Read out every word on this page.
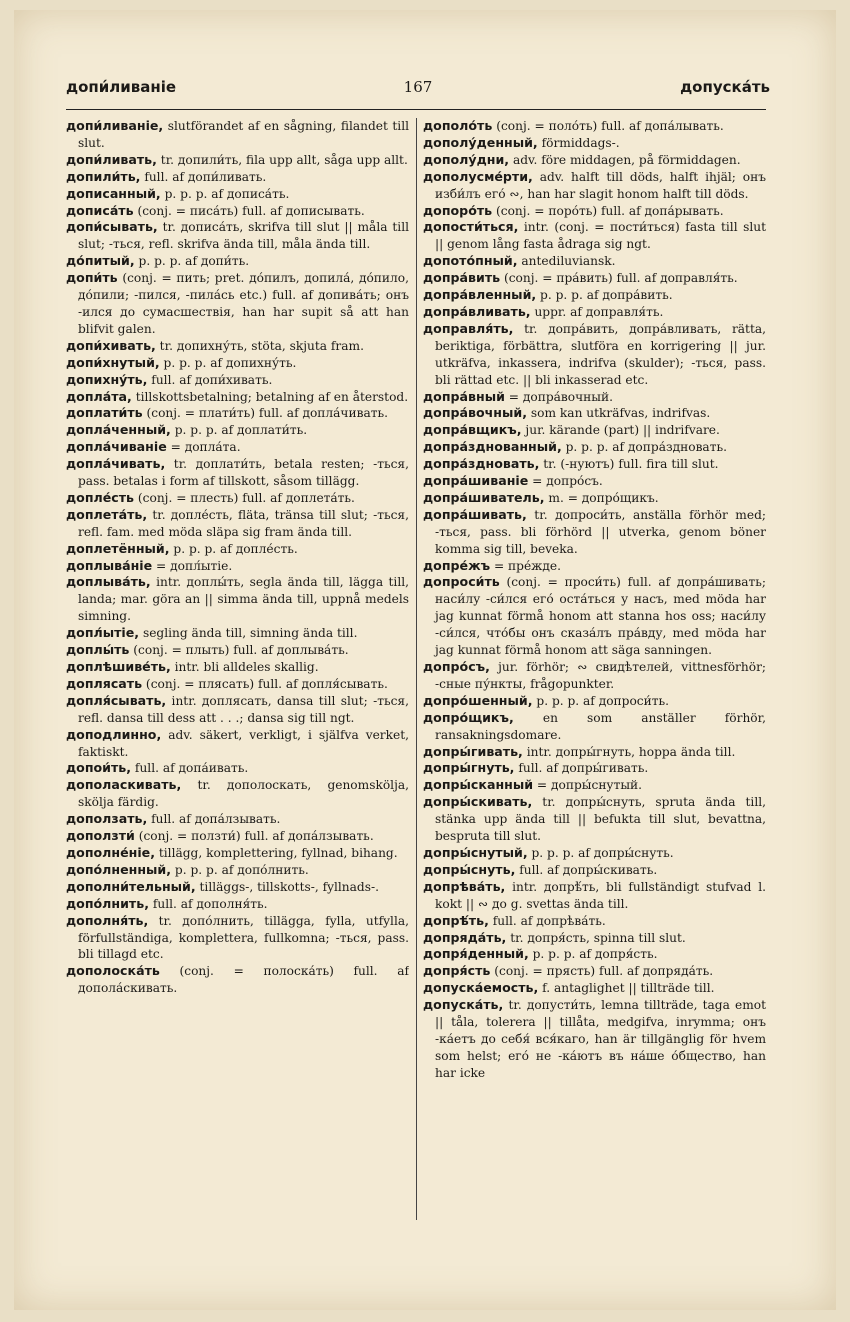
допи́ливаніе	167	допуска́ть

допи́ливаніе, slutförandet af en sågning, filandet till slut.

допи́ливать, tr. допили́ть, fila upp allt, såga upp allt.

допили́ть, full. af допи́ливать.

дописанный, p. p. p. af дописа́ть.

дописа́ть (conj. = писа́ть) full. af дописывать.

допи́сывать, tr. дописа́ть, skrifva till slut || måla till slut; -ться, refl. skrifva ända till, måla ända till.

до́питый, p. p. p. af допи́ть.

допи́ть (conj. = пить; pret. до́пилъ, допила́, до́пило, до́пили; -пился, -пила́сь etc.) full. af допива́ть; онъ -ился до сумасшествія, han har supit så att han blifvit galen.

допи́хивать, tr. допихну́ть, stöta, skjuta fram.

допи́хнутый, p. p. p. af допихну́ть.

допихну́ть, full. af допи́хивать.

допла́та, tillskottsbetalning; betalning af en återstod.

доплати́ть (conj. = плати́ть) full. af допла́чивать.

допла́ченный, p. p. p. af доплати́ть.

допла́чиваніе = допла́та.

допла́чивать, tr. доплати́ть, betala resten; -ться, pass. betalas i form af tillskott, såsom tillägg.

допле́сть (conj. = плесть) full. af доплета́ть.

доплета́ть, tr. допле́сть, fläta, tränsa till slut; -ться, refl. fam. med möda släpa sig fram ända till.

доплетённый, p. p. p. af допле́сть.

доплыва́ніе = допл́ытіе.

доплыва́ть, intr. доплы́ть, segla ända till, lägga till, landa; mar. göra an || simma ända till, uppnå medels simning.

допл́ытіе, segling ända till, simning ända till.

доплы́ть (conj. = плыть) full. af доплыва́ть.

доплѣшиве́ть, intr. bli alldeles skallig.

доплясать (conj. = плясать) full. af допля́сывать.

допля́сывать, intr. доплясать, dansa till slut; -ться, refl. dansa till dess att . . .; dansa sig till ngt.

доподлинно, adv. säkert, verkligt, i själfva verket, faktiskt.

допои́ть, full. af допа́ивать.

дополаскивать, tr. дополоскать, genomskölja, skölja färdig.

доползать, full. af допа́лзывать.

доползти́ (conj. = ползти́) full. af допа́лзывать.

дополне́ніе, tillägg, komplettering, fyllnad, bihang.

допо́лненный, p. p. p. af допо́лнить.

дополни́тельный, tilläggs-, tillskotts-, fyllnads-.

допо́лнить, full. af дополня́ть.

дополня́ть, tr. допо́лнить, tillägga, fylla, utfylla, förfullständiga, komplettera, fullkomna; -ться, pass. bli tillagd etc.

дополоска́ть (conj. = полоска́ть) full. af допола́скивать.

дополо́ть (conj. = поло́ть) full. af допа́лывать.

дополу́денный, förmiddags-.

дополу́дни, adv. före middagen, på förmiddagen.

дополусме́рти, adv. halft till döds, halft ihjäl; онъ изби́лъ его́ ∾, han har slagit honom halft till döds.

допоро́ть (conj. = поро́ть) full. af допа́рывать.

допости́ться, intr. (conj. = пости́ться) fasta till slut || genom lång fasta ådraga sig ngt.

допото́пный, antediluviansk.

допра́вить (conj. = пра́вить) full. af доправля́ть.

допра́вленный, p. p. p. af допра́вить.

допра́вливать, uppr. af доправля́ть.

доправля́ть, tr. допра́вить, допра́вливать, rätta, beriktiga, förbättra, slutföra en korrigering || jur. utkräfva, inkassera, indrifva (skulder); -ться, pass. bli rättad etc. || bli inkasserad etc.

допра́вный = допра́вочный.

допра́вочный, som kan utkräfvas, indrifvas.

допра́вщикъ, jur. kärande (part) || indrifvare.

допра́здновaнный, p. p. p. af допра́здновать.

допра́здновать, tr. (-нуютъ) full. fira till slut.

допра́шиваніе = допро́съ.

допра́шиватель, m. = допро́щикъ.

допра́шивать, tr. допроси́ть, anställa förhör med; -ться, pass. bli förhörd || utverka, genom böner komma sig till, beveka.

допре́жъ = пре́жде.

допроси́ть (conj. = проси́ть) full. af допра́шивать; наси́лу -си́лся его́ оста́ться у насъ, med möda har jag kunnat förmå honom att stanna hos oss; наси́лу -си́лся, что́бы онъ сказа́лъ пра́вду, med möda har jag kunnat förmå honom att säga sanningen.

допро́съ, jur. förhör; ∾ свидѣтелей, vittnesförhör; -сные пу́нкты, frågopunkter.

допро́шенный, p. p. p. af допроси́ть.

допро́щикъ, en som anställer förhör, ransakningsdomare.

допры́гивать, intr. допры́гнуть, hoppa ända till.

допры́гнуть, full. af допры́гивать.

допры́сканный = допры́снутый.

допры́скивать, tr. допры́снуть, spruta ända till, stänka upp ända till || befukta till slut, bevattna, bespruta till slut.

допры́снутый, p. p. p. af допры́снуть.

допры́снуть, full. af допры́скивать.

допрѣва́ть, intr. допрѣ́ть, bli fullständigt stufvad l. kokt || ∾ до g. svettas ända till.

допрѣ́ть, full. af допрѣва́ть.

допряда́ть, tr. допря́сть, spinna till slut.

допря́денный, p. p. p. af допря́сть.

допря́сть (conj. = прясть) full. af допряда́ть.

допуска́емость, f. antaglighet || tillträde till.

допуска́ть, tr. допусти́ть, lemna tillträde, taga emot || tåla, tolerera || tillåta, medgifva, inrymma; онъ -ка́етъ до себя́ вся́каго, han är tillgänglig för hvem som helst; его́ не -ка́ютъ въ на́ше о́бщество, han har icke
